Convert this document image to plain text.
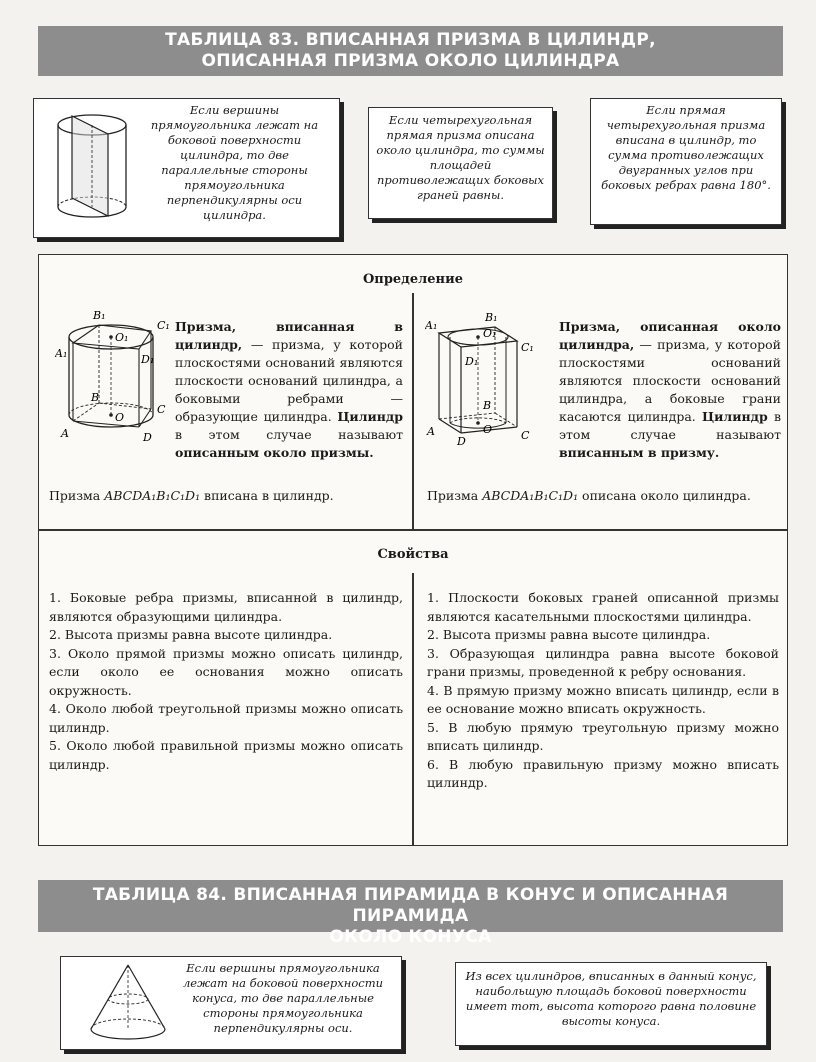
ТАБЛИЦА 83. ВПИСАННАЯ ПРИЗМА В ЦИЛИНДР,
ОПИСАННАЯ ПРИЗМА ОКОЛО ЦИЛИНДРА
Если вершины прямоугольника лежат на боковой поверхности цилиндра, то две параллельные стороны прямоугольника перпендикулярны оси цилиндра.
Если четырехугольная прямая призма описана около цилиндра, то суммы площадей противолежащих боковых граней равны.
Если прямая четырехугольная призма вписана в цилиндр, то сумма противолежащих двугранных углов при боковых ребрах равна 180°.
Определение
B₁
C₁
O₁
A₁	D₁
B
O
C
A	D
Призма, вписанная в цилиндр, — призма, у которой плоскостями оснований являются плоскости оснований цилиндра, а боковыми ребрами — образующие цилиндра. Цилиндр в этом случае называют описанным около призмы.
Призма ABCDA₁B₁C₁D₁ вписана в цилиндр.
A₁
B₁
O₁
C₁
D₁
B
O
A
D	C
Призма, описанная около цилиндра, — призма, у которой плоскостями оснований являются плоскости оснований цилиндра, а боковые грани касаются цилиндра. Цилиндр в этом случае называют вписанным в призму.
Призма ABCDA₁B₁C₁D₁ описана около цилиндра.
Свойства
1. Боковые ребра призмы, вписанной в цилиндр, являются образующими цилиндра.
2. Высота призмы равна высоте цилиндра.
3. Около прямой призмы можно описать цилиндр, если около ее основания можно описать окружность.
4. Около любой треугольной призмы можно описать цилиндр.
5. Около любой правильной призмы можно описать цилиндр.
1. Плоскости боковых граней описанной призмы являются касательными плоскостями цилиндра.
2. Высота призмы равна высоте цилиндра.
3. Образующая цилиндра равна высоте боковой грани призмы, проведенной к ребру основания.
4. В прямую призму можно вписать цилиндр, если в ее основание можно вписать окружность.
5. В любую прямую треугольную призму можно вписать цилиндр.
6. В любую правильную призму можно вписать цилиндр.
ТАБЛИЦА 84. ВПИСАННАЯ ПИРАМИДА В КОНУС И ОПИСАННАЯ ПИРАМИДА
ОКОЛО КОНУСА
Если вершины прямоугольника лежат на боковой поверхности конуса, то две параллельные стороны прямоугольника перпендикулярны оси.
Из всех цилиндров, вписанных в данный конус, наибольшую площадь боковой поверхности имеет тот, высота которого равна половине высоты конуса.
